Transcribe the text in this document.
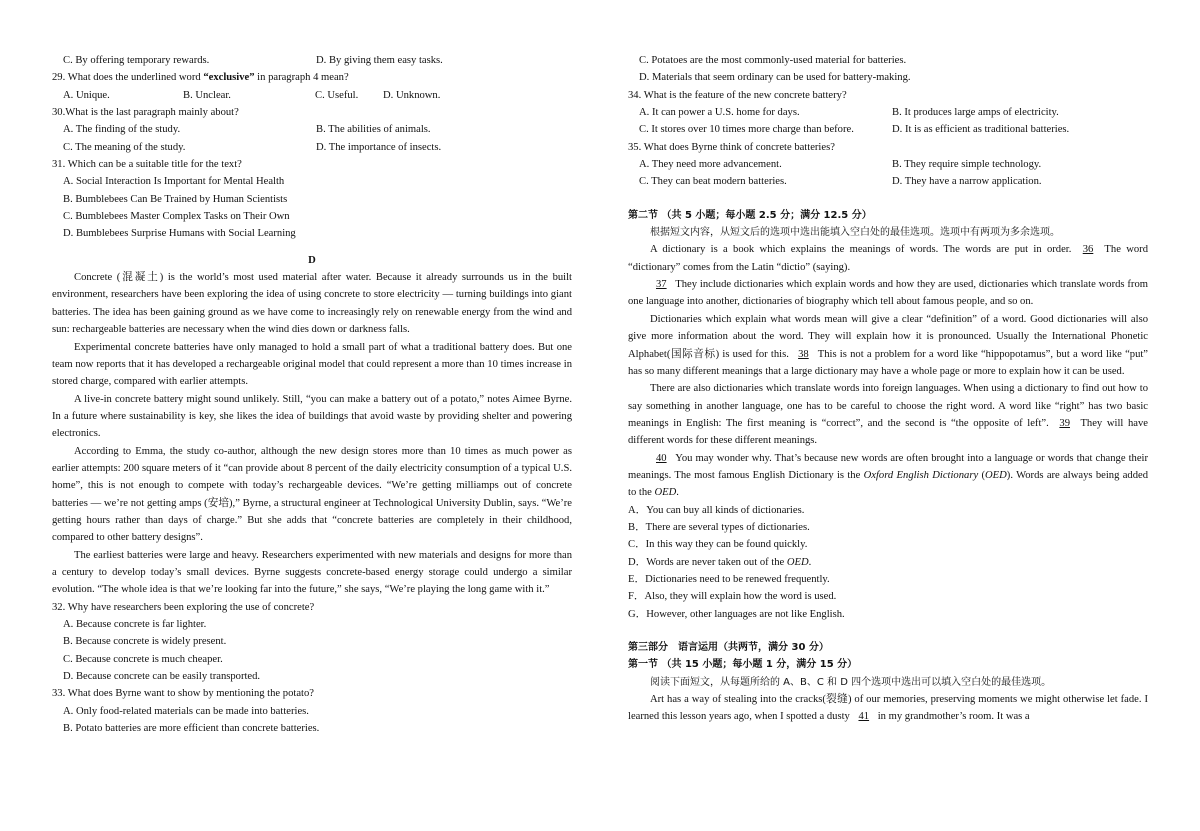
C. By offering temporary rewards.	D. By giving them easy tasks.
29. What does the underlined word “exclusive” in paragraph 4 mean?
A. Unique.	B. Unclear.	C. Useful.	D. Unknown.
30.What is the last paragraph mainly about?
A. The finding of the study.	B. The abilities of animals.
C. The meaning of the study.	D. The importance of insects.
31. Which can be a suitable title for the text?
A. Social Interaction Is Important for Mental Health
B. Bumblebees Can Be Trained by Human Scientists
C. Bumblebees Master Complex Tasks on Their Own
D. Bumblebees Surprise Humans with Social Learning
D

Concrete (混凝土) is the world’s most used material after water. Because it already surrounds us in the built environment, researchers have been exploring the idea of using concrete to store electricity — turning buildings into giant batteries. The idea has been gaining ground as we have come to increasingly rely on renewable energy from the wind and sun: rechargeable batteries are necessary when the wind dies down or darkness falls.

Experimental concrete batteries have only managed to hold a small part of what a traditional battery does. But one team now reports that it has developed a rechargeable original model that could represent a more than 10 times increase in stored charge, compared with earlier attempts.

A live-in concrete battery might sound unlikely. Still, “you can make a battery out of a potato,” notes Aimee Byrne. In a future where sustainability is key, she likes the idea of buildings that avoid waste by providing shelter and powering electronics.

According to Emma, the study co-author, although the new design stores more than 10 times as much power as earlier attempts: 200 square meters of it “can provide about 8 percent of the daily electricity consumption of a typical U.S. home”, this is not enough to compete with today’s rechargeable devices. “We’re getting milliamps out of concrete batteries — we’re not getting amps (安培),” Byrne, a structural engineer at Technological University Dublin, says. “We’re getting hours rather than days of charge.” But she adds that “concrete batteries are completely in their childhood, compared to other battery designs”.

The earliest batteries were large and heavy. Researchers experimented with new materials and designs for more than a century to develop today’s small devices. Byrne suggests concrete-based energy storage could undergo a similar evolution. “The whole idea is that we’re looking far into the future,” she says, “We’re playing the long game with it.”

32. Why have researchers been exploring the use of concrete?
A. Because concrete is far lighter.
B. Because concrete is widely present.
C. Because concrete is much cheaper.
D. Because concrete can be easily transported.
33. What does Byrne want to show by mentioning the potato?
A. Only food-related materials can be made into batteries.
B. Potato batteries are more efficient than concrete batteries.
C. Potatoes are the most commonly-used material for batteries.
D. Materials that seem ordinary can be used for battery-making.
34. What is the feature of the new concrete battery?
A. It can power a U.S. home for days.	B. It produces large amps of electricity.
C. It stores over 10 times more charge than before.	D. It is as efficient as traditional batteries.
35. What does Byrne think of concrete batteries?
A. They need more advancement.	B. They require simple technology.
C. They can beat modern batteries.	D. They have a narrow application.
第二节 （共 5 小题；每小题 2.5 分；满分 12.5 分）
根据短文内容，从短文后的选项中选出能填入空白处的最佳选项。选项中有两项为多余选项。

A dictionary is a book which explains the meanings of words. The words are put in order. 36 The word “dictionary” comes from the Latin “dictio” (saying).

37 They include dictionaries which explain words and how they are used, dictionaries which translate words from one language into another, dictionaries of biography which tell about famous people, and so on.

Dictionaries which explain what words mean will give a clear “definition” of a word. Good dictionaries will also give more information about the word. They will explain how it is pronounced. Usually the International Phonetic Alphabet(国际音标) is used for this. 38 This is not a problem for a word like “hippopotamus”, but a word like “put” has so many different meanings that a large dictionary may have a whole page or more to explain how it can be used.

There are also dictionaries which translate words into foreign languages. When using a dictionary to find out how to say something in another language, one has to be careful to choose the right word. A word like “right” has two basic meanings in English: The first meaning is “correct”, and the second is “the opposite of left”. 39 They will have different words for these different meanings.

40 You may wonder why. That’s because new words are often brought into a language or words that change their meanings. The most famous English Dictionary is the Oxford English Dictionary (OED). Words are always being added to the OED.

A．You can buy all kinds of dictionaries.
B．There are several types of dictionaries.
C．In this way they can be found quickly.
D．Words are never taken out of the OED.
E．Dictionaries need to be renewed frequently.
F．Also, they will explain how the word is used.
G．However, other languages are not like English.
第三部分　语言运用（共两节，满分 30 分）
第一节 （共 15 小题；每小题 1 分，满分 15 分）
阅读下面短文，从每题所给的 A、B、C 和 D 四个选项中选出可以填入空白处的最佳选项。

Art has a way of stealing into the cracks(裂缝) of our memories, preserving moments we might otherwise let fade. I learned this lesson years ago, when I spotted a dusty 41 in my grandmother’s room. It was a
